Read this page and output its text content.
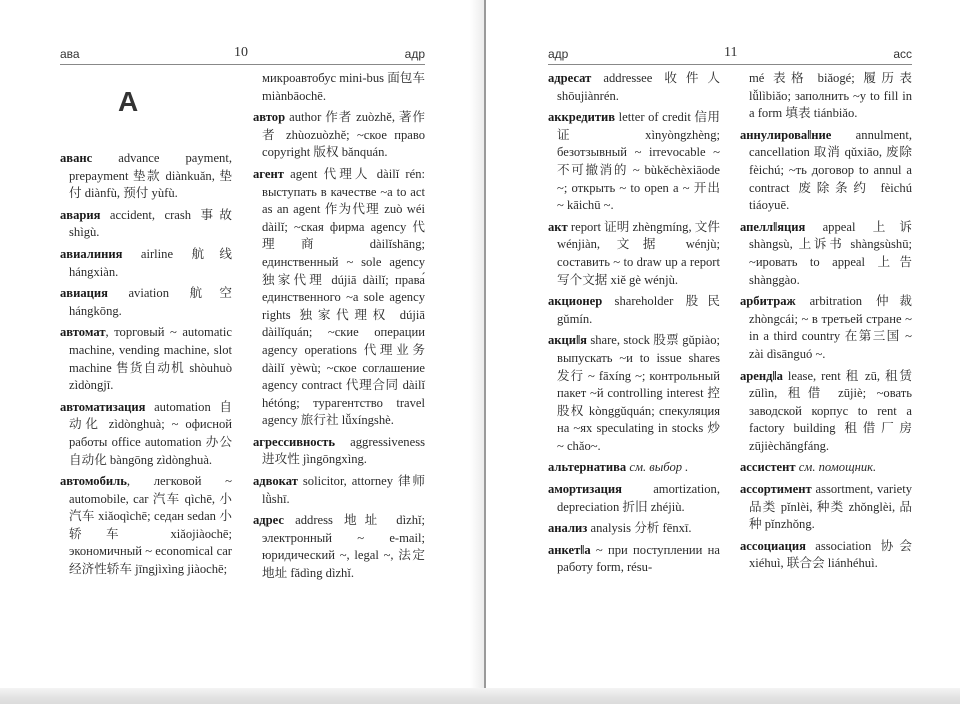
ава	10	адр
А
аванс advance payment, prepayment 垫款 diànkuǎn, 垫付 diànfù, 预付 yùfù.
авария accident, crash 事故 shìgù.
авиалиния airline 航线 hángxiàn.
авиация aviation 航空 hángkōng.
автомат, торговый ~ automatic machine, vending machine, slot machine 售货自动机 shòuhuò zìdòngjī.
автоматизация automation 自动化 zìdònghuà; ~ офисной работы office automation 办公自动化 bàngōng zìdònghuà.
автомобиль, легковой ~ automobile, car 汽车 qìchē, 小汽车 xiǎoqìchē; седан sedan 小轿车 xiǎojiàochē; экономичный ~ economical car 经济性轿车 jīngjìxìng jiàochē;
микроавтобус mini-bus 面包车 miànbāochē.
автор author 作者 zuòzhě, 著作者 zhùozuòzhě; ~ское право copyright 版权 bǎnquán.
агент agent 代理人 dàilǐ rén: выступать в качестве ~а to act as an agent 作为代理 zuò wéi dàilǐ; ~ская фирма agency 代理商 dàilǐshāng; единственный ~ sole agency 独家代理 dújiā dàilǐ; права́ единственного ~а sole agency rights 独家代理权 dújiā dàilǐquán; ~ские операции agency operations 代理业务 dàilǐ yèwù; ~ское соглашение agency contract 代理合同 dàilǐ hétóng; турагентство travel agency 旅行社 lǚxíngshè.
агрессивность aggressiveness 进攻性 jìngōngxìng.
адвокат solicitor, attorney 律师 lǜshī.
адрес address 地址 dìzhǐ; электронный ~ e-mail; юридический ~, legal ~, 法定地址 fǎdìng dìzhǐ.
адр	11	асс
адресат addressee 收件人 shōujiànrén.
аккредитив letter of credit 信用证 xìnyòngzhèng; безотзывный ~ irrevocable ~ 不可撤消的 ~ bùkěchèxiāode ~; открыть ~ to open a ~ 开出 ~ kāichū ~.
акт report 证明 zhèngmíng, 文件 wénjiàn, 文据 wénjù; составить ~ to draw up a report 写个文据 xiě gè wénjù.
акционер shareholder 股民 gǔmín.
акци‖я share, stock 股票 gǔpiào; выпускать ~и to issue shares 发行 ~ fāxíng ~; контрольный пакет ~й controlling interest 控股权 kònggǔquán; спекуляция на ~ях speculating in stocks 炒 ~ chǎo~.
альтернатива см. выбор .
амортизация amortization, depreciation 折旧 zhéjiù.
анализ analysis 分析 fēnxī.
анкет‖а ~ при поступлении на работу form, résu-
mé 表格 biǎogé; 履历表 lǚlìbiǎo; заполнить ~у to fill in a form 填表 tiánbiǎo.
аннулирова‖ние annulment, cancellation 取消 qǔxiāo, 废除 fèichú; ~ть договор to annul a contract 废除条约 fèichú tiáoyuē.
апелл‖яция appeal 上诉 shàngsù, 上诉书 shàngsùshū; ~ировать to appeal 上告 shànggào.
арбитраж arbitration 仲裁 zhòngcái; ~ в третьей стране ~ in a third country 在第三国 ~ zài dìsānguó ~.
аренд‖а lease, rent 租 zū, 租赁 zūlìn, 租借 zūjiè; ~овать заводской корпус to rent a factory building 租借厂房 zūjièchǎngfáng.
ассистент см. помощник.
ассортимент assortment, variety 品类 pǐnlèi, 种类 zhǒnglèi, 品种 pǐnzhǒng.
ассоциация association 协会 xiéhuì, 联合会 liánhéhuì.
